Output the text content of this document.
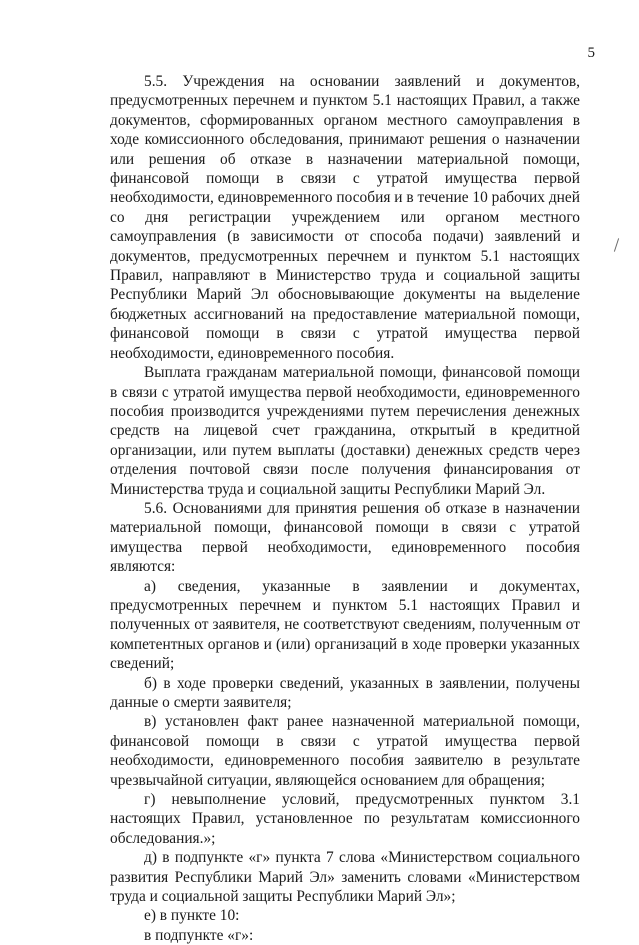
5

5.5. Учреждения на основании заявлений и документов, предусмотренных перечнем и пунктом 5.1 настоящих Правил, а также документов, сформированных органом местного самоуправления в ходе комиссионного обследования, принимают решения о назначении или решения об отказе в назначении материальной помощи, финансовой помощи в связи с утратой имущества первой необходимости, единовременного пособия и в течение 10 рабочих дней со дня регистрации учреждением или органом местного самоуправления (в зависимости от способа подачи) заявлений и документов, предусмотренных перечнем и пунктом 5.1 настоящих Правил, направляют в Министерство труда и социальной защиты Республики Марий Эл обосновывающие документы на выделение бюджетных ассигнований на предоставление материальной помощи, финансовой помощи в связи с утратой имущества первой необходимости, единовременного пособия.

Выплата гражданам материальной помощи, финансовой помощи в связи с утратой имущества первой необходимости, единовременного пособия производится учреждениями путем перечисления денежных средств на лицевой счет гражданина, открытый в кредитной организации, или путем выплаты (доставки) денежных средств через отделения почтовой связи после получения финансирования от Министерства труда и социальной защиты Республики Марий Эл.

5.6. Основаниями для принятия решения об отказе в назначении материальной помощи, финансовой помощи в связи с утратой имущества первой необходимости, единовременного пособия являются:

а) сведения, указанные в заявлении и документах, предусмотренных перечнем и пунктом 5.1 настоящих Правил и полученных от заявителя, не соответствуют сведениям, полученным от компетентных органов и (или) организаций в ходе проверки указанных сведений;

б) в ходе проверки сведений, указанных в заявлении, получены данные о смерти заявителя;

в) установлен факт ранее назначенной материальной помощи, финансовой помощи в связи с утратой имущества первой необходимости, единовременного пособия заявителю в результате чрезвычайной ситуации, являющейся основанием для обращения;

г) невыполнение условий, предусмотренных пунктом 3.1 настоящих Правил, установленное по результатам комиссионного обследования.»;

д) в подпункте «г» пункта 7 слова «Министерством социального развития Республики Марий Эл» заменить словами «Министерством труда и социальной защиты Республики Марий Эл»;

е) в пункте 10:

в подпункте «г»:
